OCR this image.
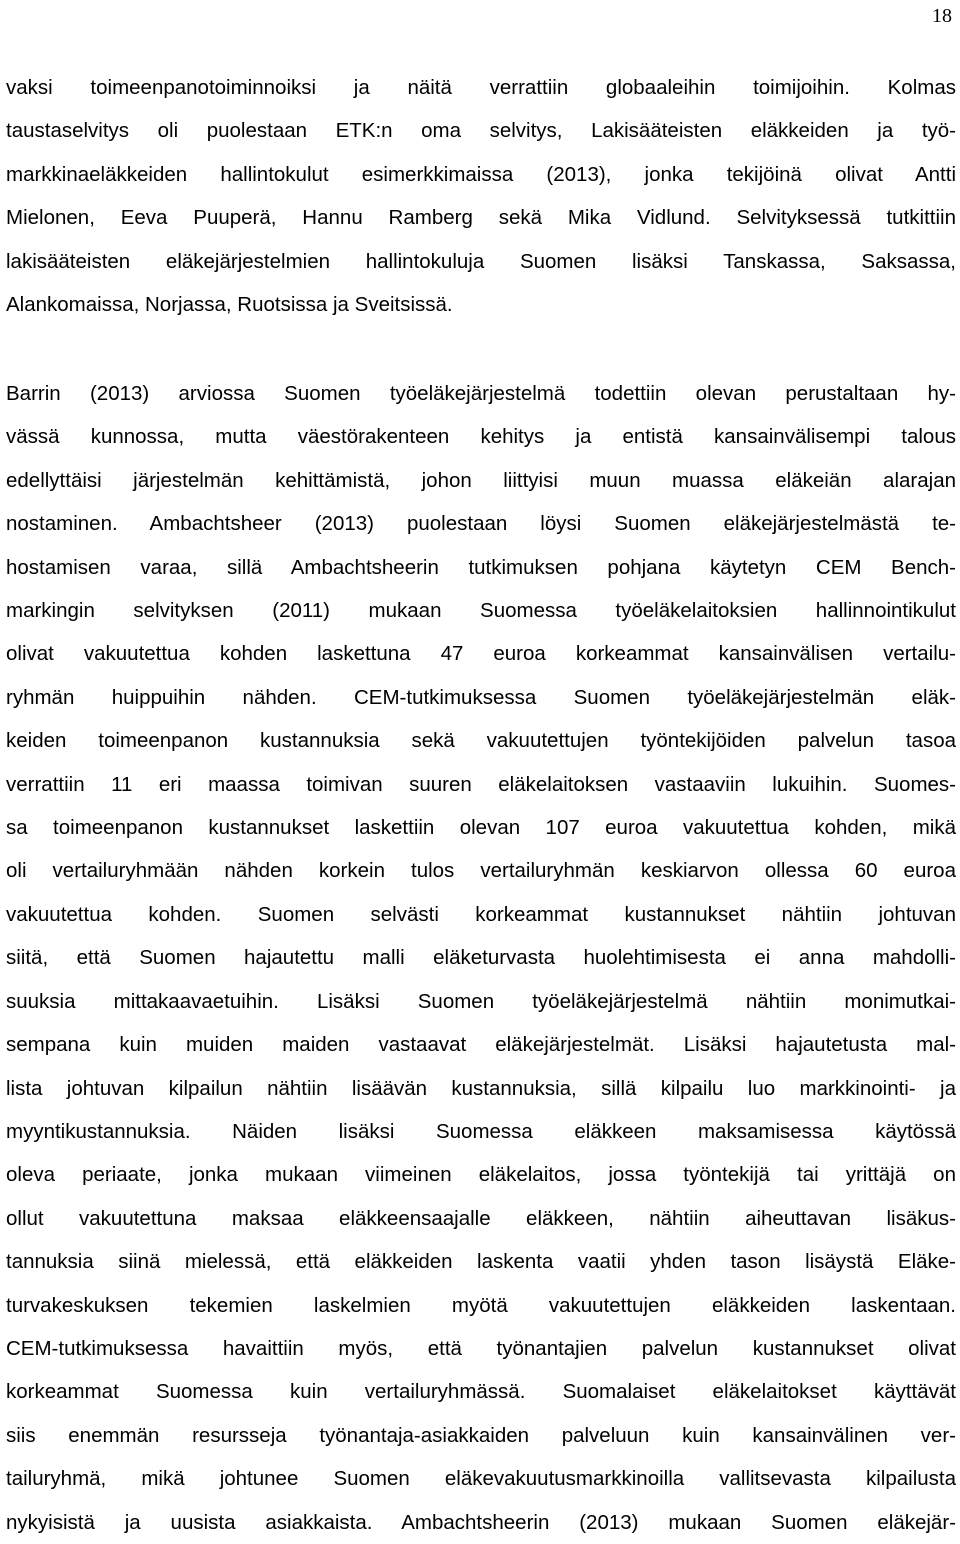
18
vaksi toimeenpanotoiminnoiksi ja näitä verrattiin globaaleihin toimijoihin. Kolmas
taustaselvitys oli puolestaan ETK:n oma selvitys, Lakisääteisten eläkkeiden ja työ-
markkinaeläkkeiden hallintokulut esimerkkimaissa (2013), jonka tekijöinä olivat Antti
Mielonen, Eeva Puuperä, Hannu Ramberg sekä Mika Vidlund. Selvityksessä tutkittiin
lakisääteisten eläkejärjestelmien hallintokuluja Suomen lisäksi Tanskassa, Saksassa,
Alankomaissa, Norjassa, Ruotsissa ja Sveitsissä.
Barrin (2013) arviossa Suomen työeläkejärjestelmä todettiin olevan perustaltaan hy-
vässä kunnossa, mutta väestörakenteen kehitys ja entistä kansainvälisempi talous
edellyttäisi järjestelmän kehittämistä, johon liittyisi muun muassa eläkeiän alarajan
nostaminen. Ambachtsheer (2013) puolestaan löysi Suomen eläkejärjestelmästä te-
hostamisen varaa, sillä Ambachtsheerin tutkimuksen pohjana käytetyn CEM Bench-
markingin selvityksen (2011) mukaan Suomessa työeläkelaitoksien hallinnointikulut
olivat vakuutettua kohden laskettuna 47 euroa korkeammat kansainvälisen vertailu-
ryhmän huippuihin nähden. CEM-tutkimuksessa Suomen työeläkejärjestelmän eläk-
keiden toimeenpanon kustannuksia sekä vakuutettujen työntekijöiden palvelun tasoa
verrattiin 11 eri maassa toimivan suuren eläkelaitoksen vastaaviin lukuihin. Suomes-
sa toimeenpanon kustannukset laskettiin olevan 107 euroa vakuutettua kohden, mikä
oli vertailuryhmään nähden korkein tulos vertailuryhmän keskiarvon ollessa 60 euroa
vakuutettua kohden. Suomen selvästi korkeammat kustannukset nähtiin johtuvan
siitä, että Suomen hajautettu malli eläketurvasta huolehtimisesta ei anna mahdolli-
suuksia mittakaavaetuihin. Lisäksi Suomen työeläkejärjestelmä nähtiin monimutkai-
sempana kuin muiden maiden vastaavat eläkejärjestelmät. Lisäksi hajautetusta mal-
lista johtuvan kilpailun nähtiin lisäävän kustannuksia, sillä kilpailu luo markkinointi- ja
myyntikustannuksia. Näiden lisäksi Suomessa eläkkeen maksamisessa käytössä
oleva periaate, jonka mukaan viimeinen eläkelaitos, jossa työntekijä tai yrittäjä on
ollut vakuutettuna maksaa eläkkeensaajalle eläkkeen, nähtiin aiheuttavan lisäkus-
tannuksia siinä mielessä, että eläkkeiden laskenta vaatii yhden tason lisäystä Eläke-
turvakeskuksen tekemien laskelmien myötä vakuutettujen eläkkeiden laskentaan.
CEM-tutkimuksessa havaittiin myös, että työnantajien palvelun kustannukset olivat
korkeammat Suomessa kuin vertailuryhmässä. Suomalaiset eläkelaitokset käyttävät
siis enemmän resursseja työnantaja-asiakkaiden palveluun kuin kansainvälinen ver-
tailuryhmä, mikä johtunee Suomen eläkevakuutusmarkkinoilla vallitsevasta kilpailusta
nykyisistä ja uusista asiakkaista. Ambachtsheerin (2013) mukaan Suomen eläkejär-
